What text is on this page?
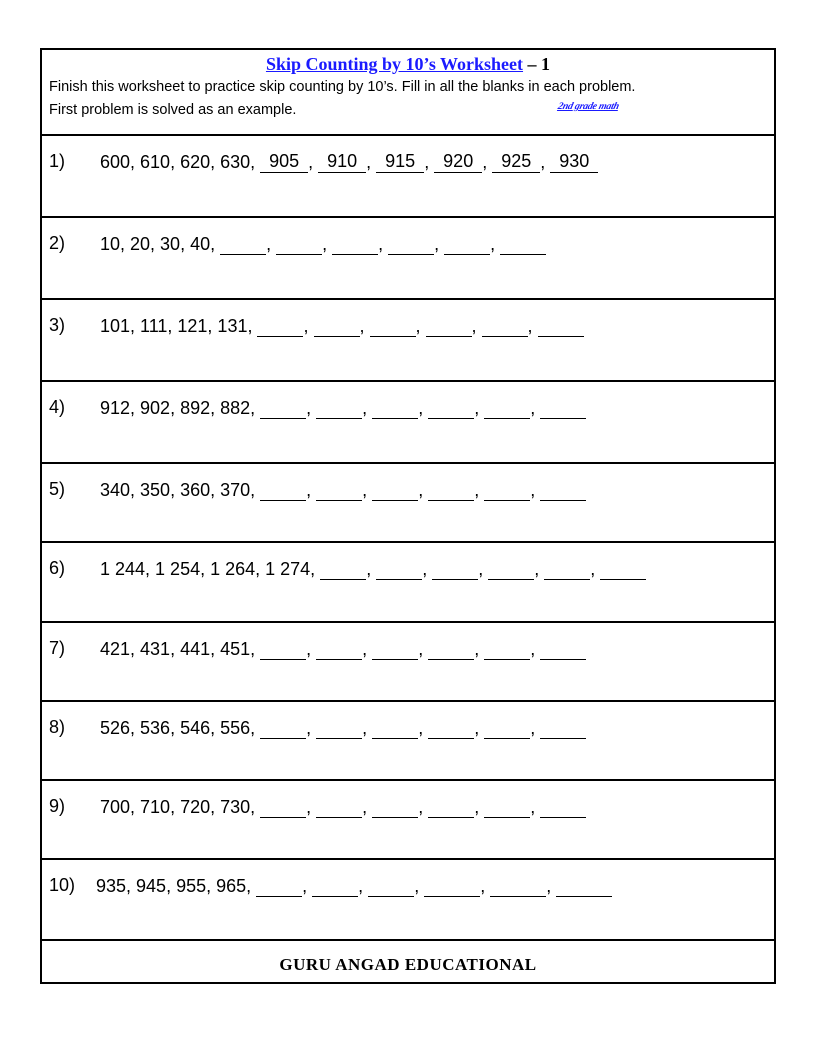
Skip Counting by 10’s Worksheet – 1
Finish this worksheet to practice skip counting by 10’s. Fill in all the blanks in each problem.
First problem is solved as an example.	2nd grade math
1) 600, 610, 620, 630, 905 , 910 , 915 , 920 , 925 , 930
2) 10, 20, 30, 40,	,	,	,	,	,
3) 101, 111, 121, 131,	,	,	,	,	,
4) 912, 902, 892, 882,	,	,	,	,	,
5) 340, 350, 360, 370,	,	,	,	,	,
6) 1 244, 1 254, 1 264, 1 274,	,	,	,	,	,
7) 421, 431, 441, 451,	,	,	,	,	,
8) 526, 536, 546, 556,	,	,	,	,	,
9) 700, 710, 720, 730,	,	,	,	,	,
10) 935, 945, 955, 965,	,	,	,	,	,
GURU ANGAD EDUCATIONAL
